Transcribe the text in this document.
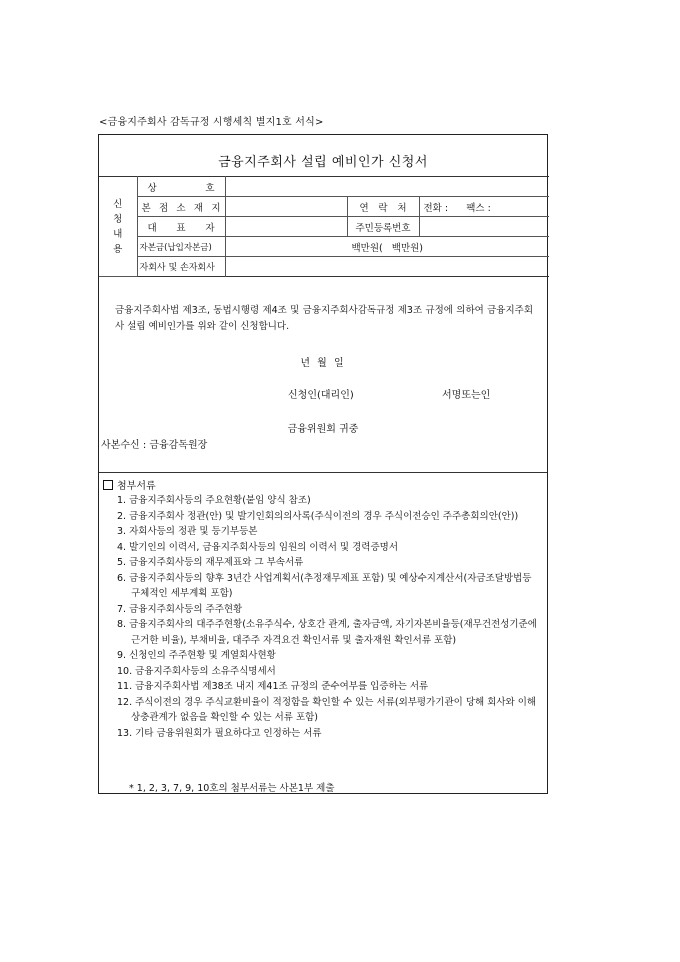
<금융지주회사 감독규정 시행세칙 별지1호 서식>
금융지주회사 설립 예비인가 신청서
신
청
내
용	상 호			
	본 점 소 재 지		연 락 처	전화 :      팩스 :
	대 표 자		주민등록번호	
	자본금(납입자본금)	백만원(   백만원)		
	자회사 및 손자회사			
금융지주회사법 제3조, 동법시행령 제4조 및 금융지주회사감독규정 제3조 규정에 의하여 금융지주회사 설립 예비인가를 위와 같이 신청합니다.
년 월 일
신청인(대리인)	서명또는인
금융위원회 귀중
사본수신 : 금융감독원장
첨부서류
1. 금융지주회사등의 주요현황(붙임 양식 참조)
2. 금융지주회사 정관(안) 및 발기인회의의사록(주식이전의 경우 주식이전승인 주주총회의안(안))
3. 자회사등의 정관 및 등기부등본
4. 발기인의 이력서, 금융지주회사등의 임원의 이력서 및 경력증명서
5. 금융지주회사등의 재무제표와 그 부속서류
6. 금융지주회사등의 향후 3년간 사업계획서(추정재무제표 포함) 및 예상수지계산서(자금조달방법등 구체적인 세부계획 포함)
7. 금융지주회사등의 주주현황
8. 금융지주회사의 대주주현황(소유주식수, 상호간 관계, 출자금액, 자기자본비율등(재무건전성기준에 근거한 비율), 부채비율, 대주주 자격요건 확인서류 및 출자재원 확인서류 포함)
9. 신청인의 주주현황 및 계열회사현황
10. 금융지주회사등의 소유주식명세서
11. 금융지주회사법 제38조 내지 제41조 규정의 준수여부를 입증하는 서류
12. 주식이전의 경우 주식교환비율이 적정함을 확인할 수 있는 서류(외부평가기관이 당해 회사와 이해상충관계가 없음을 확인할 수 있는 서류 포함)
13. 기타 금융위원회가 필요하다고 인정하는 서류
* 1, 2, 3, 7, 9, 10호의 첨부서류는 사본1부 제출
